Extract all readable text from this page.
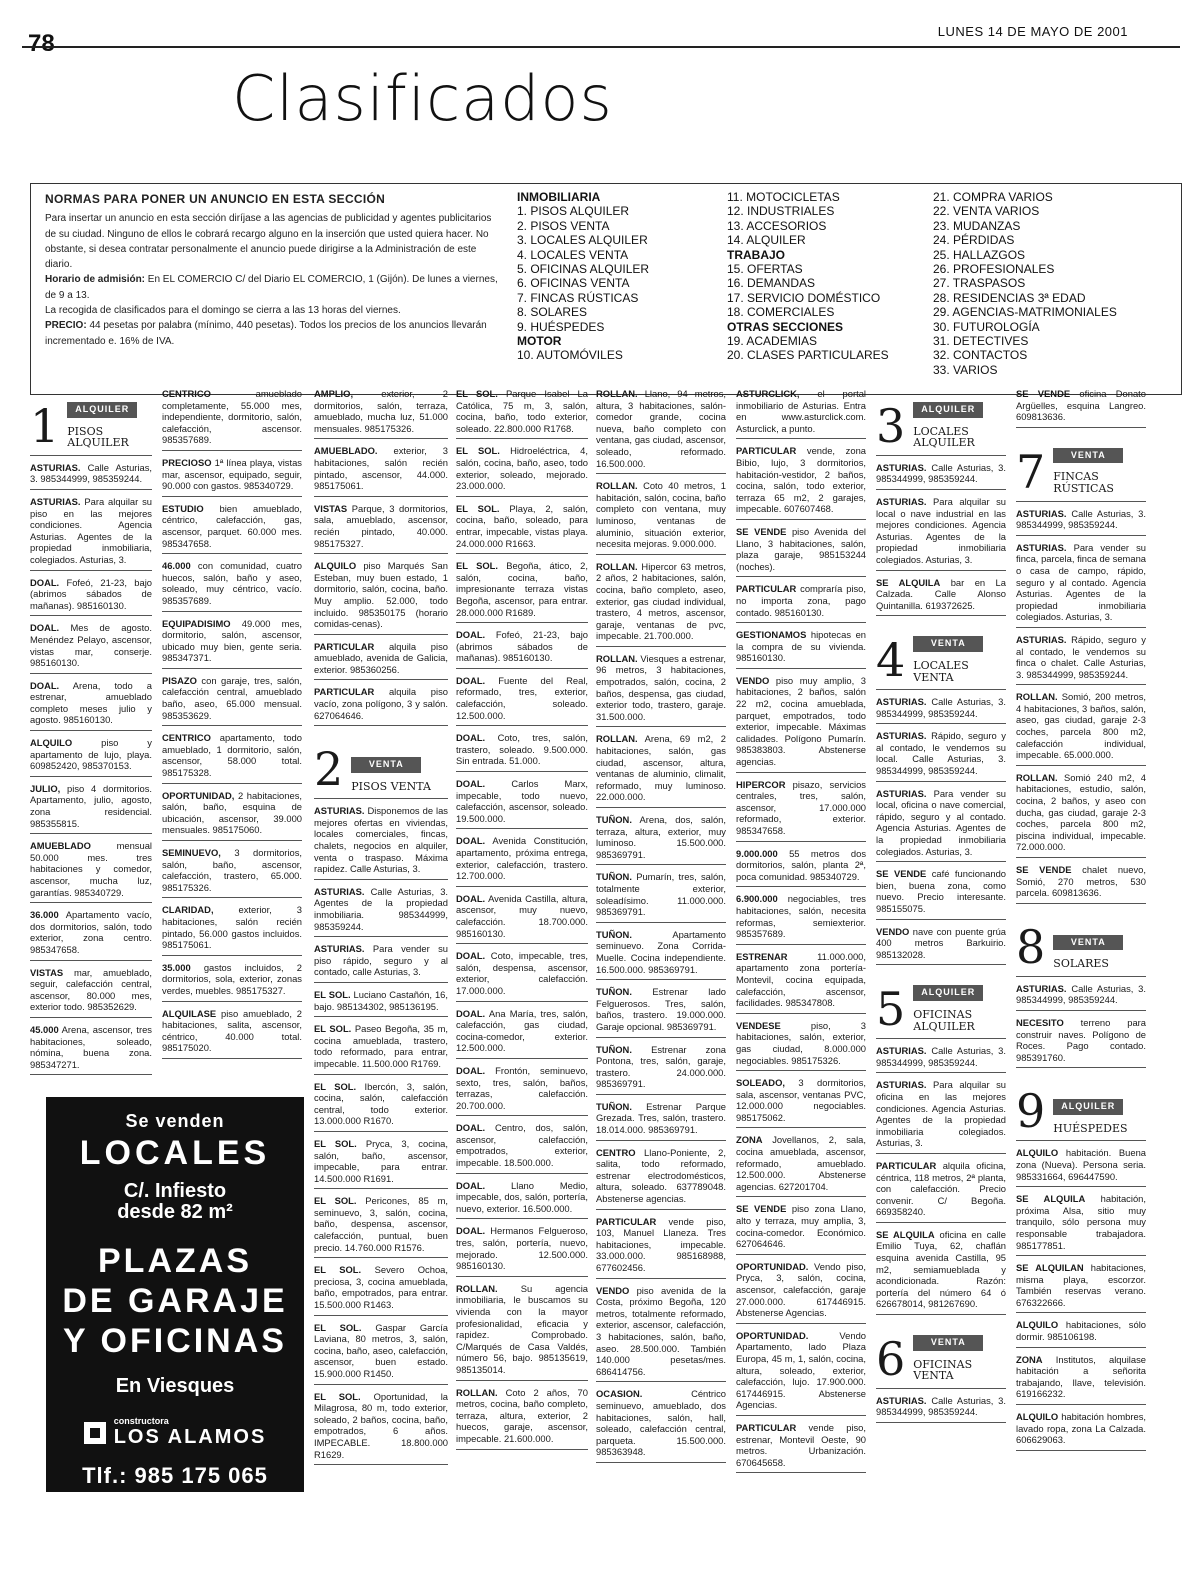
78	LUNES 14 DE MAYO DE 2001
Clasificados
NORMAS PARA PONER UN ANUNCIO EN ESTA SECCIÓN

Para insertar un anuncio en esta sección diríjase a las agencias de publicidad y agentes publicitarios de su ciudad. Ninguno de ellos le cobrará recargo alguno en la inserción que usted quiera hacer. No obstante, si desea contratar personalmente el anuncio puede dirigirse a la Administración de este diario.

Horario de admisión: En EL COMERCIO C/ del Diario EL COMERCIO, 1 (Gijón). De lunes a viernes, de 9 a 13.

La recogida de clasificados para el domingo se cierra a las 13 horas del viernes.

PRECIO: 44 pesetas por palabra (mínimo, 440 pesetas). Todos los precios de los anuncios llevarán incrementado e. 16% de IVA.

INMOBILIARIA
1. PISOS ALQUILER
2. PISOS VENTA
3. LOCALES ALQUILER
4. LOCALES VENTA
5. OFICINAS ALQUILER
6. OFICINAS VENTA
7. FINCAS RÚSTICAS
8. SOLARES
9. HUÉSPEDES
MOTOR
10. AUTOMÓVILES
11. MOTOCICLETAS
12. INDUSTRIALES
13. ACCESORIOS
14. ALQUILER
TRABAJO
15. OFERTAS
16. DEMANDAS
17. SERVICIO DOMÉSTICO
18. COMERCIALES
OTRAS SECCIONES
19. ACADEMIAS
20. CLASES PARTICULARES
21. COMPRA VARIOS
22. VENTA VARIOS
23. MUDANZAS
24. PÉRDIDAS
25. HALLAZGOS
26. PROFESIONALES
27. TRASPASOS
28. RESIDENCIAS 3ª EDAD
29. AGENCIAS-MATRIMONIALES
30. FUTUROLOGÍA
31. DETECTIVES
32. CONTACTOS
33. VARIOS
1	ALQUILER
PISOS ALQUILER
ASTURIAS. Calle Asturias, 3. 985344999, 985359244.
ASTURIAS. Para alquilar su piso en las mejores condiciones. Agencia Asturias. Agentes de la propiedad inmobiliaria, colegiados. Asturias, 3.
DOAL. Fofeó, 21-23, bajo (abrimos sábados de mañanas). 985160130.
DOAL. Mes de agosto. Menéndez Pelayo, ascensor, vistas mar, conserje. 985160130.
DOAL. Arena, todo a estrenar, amueblado completo meses julio y agosto. 985160130.
ALQUILO	piso y apartamento de lujo, playa. 609852420, 985370153.
JULIO, piso 4 dormitorios. Apartamento, julio, agosto, zona residencial. 985355815.
AMUEBLADO	mensual 50.000 mes. tres habitaciones y comedor, ascensor, mucha luz, garantías. 985340729.
36.000 Apartamento vacío, dos dormitorios, salón, todo exterior, zona centro. 985347658.
VISTAS mar, amueblado, seguir, calefacción central, ascensor, 80.000 mes, exterior todo. 985352629.
45.000 Arena, ascensor, tres habitaciones, soleado, nómina, buena zona. 985347271.
CENTRICO	amueblado completamente, 55.000 mes, independiente, dormitorio, salón, calefacción, ascensor. 985357689.
PRECIOSO 1ª línea playa, vistas mar, ascensor, equipado, seguir, 90.000 con gastos. 985340729.
ESTUDIO bien amueblado, céntrico, calefacción, gas, ascensor, parquet. 60.000 mes. 985347658.
46.000 con comunidad, cuatro huecos, salón, baño y aseo, soleado, muy céntrico, vacío. 985357689.
EQUIPADISIMO 49.000 mes, dormitorio, salón, ascensor, ubicado muy bien, gente seria. 985347371.
PISAZO con garaje, tres, salón, calefacción central, amueblado baño, aseo, 65.000 mensual. 985353629.
CENTRICO apartamento, todo amueblado, 1 dormitorio, salón, ascensor, 58.000 total. 985175328.
OPORTUNIDAD, 2 habitaciones, salón, baño, esquina de ubicación, ascensor, 39.000 mensuales. 985175060.
SEMINUEVO, 3 dormitorios, salón, baño, ascensor, calefacción, trastero, 65.000. 985175326.
CLARIDAD,	exterior, 3 habitaciones, salón recién pintado, 56.000 gastos incluidos. 985175061.
35.000 gastos incluidos, 2 dormitorios, sola, exterior, zonas verdes, muebles. 985175327.
ALQUILASE piso amueblado, 2 habitaciones, salita, ascensor, céntrico, 40.000 total. 985175020.
AMPLIO,	exterior, 2 dormitorios, salón, terraza, amueblado, mucha luz, 51.000 mensuales. 985175326.
AMUEBLADO. exterior, 3 habitaciones, salón recién pintado, ascensor, 44.000. 985175061.
VISTAS Parque, 3 dormitorios, sala, amueblado, ascensor, recién pintado, 40.000. 985175327.
ALQUILO piso Marqués San Esteban, muy buen estado, 1 dormitorio, salón, cocina, baño. Muy amplio. 52.000, todo incluido. 985350175 (horario comidas-cenas).
PARTICULAR alquila piso amueblado, avenida de Galicia, exterior. 985360256.
PARTICULAR alquila piso vacío, zona polígono, 3 y salón. 627064646.
2	VENTA
PISOS VENTA
ASTURIAS. Disponemos de las mejores ofertas en viviendas, locales comerciales, fincas, chalets, negocios en alquiler, venta o traspaso. Máxima rapidez. Calle Asturias, 3.
ASTURIAS. Calle Asturias, 3. Agentes de la propiedad inmobiliaria. 985344999, 985359244.
ASTURIAS. Para vender su piso rápido, seguro y al contado, calle Asturias, 3.
EL SOL. Luciano Castañón, 16, bajo. 985134302, 985136195.
EL SOL. Paseo Begoña, 35 m, cocina amueblada, trastero, todo reformado, para entrar, impecable. 11.500.000 R1769.
EL SOL. Ibercón, 3, salón, cocina, salón, calefacción central, todo exterior. 13.000.000 R1670.
EL SOL. Pryca, 3, cocina, salón, baño, ascensor, impecable, para entrar. 14.500.000 R1691.
EL SOL. Pericones, 85 m, seminuevo, 3, salón, cocina, baño, despensa, ascensor, calefacción, puntual, buen precio. 14.760.000 R1576.
EL SOL. Severo Ochoa, preciosa, 3, cocina amueblada, baño, empotrados, para entrar. 15.500.000 R1463.
EL SOL. Gaspar García Laviana, 80 metros, 3, salón, cocina, baño, aseo, calefacción, ascensor, buen estado. 15.900.000 R1450.
EL SOL. Oportunidad, la Milagrosa, 80 m, todo exterior, soleado, 2 baños, cocina, baño, empotrados, 6 años. IMPECABLE. 18.800.000 R1629.
EL SOL. Parque Isabel La Católica, 75 m, 3, salón, cocina, baño, todo exterior, soleado. 22.800.000 R1768.
EL SOL. Hidroeléctrica, 4, salón, cocina, baño, aseo, todo exterior, soleado, mejorado. 23.000.000.
EL SOL. Playa, 2, salón, cocina, baño, soleado, para entrar, impecable, vistas playa. 24.000.000 R1663.
EL SOL. Begoña, ático, 2, salón, cocina, baño, impresionante terraza vistas Begoña, ascensor, para entrar. 28.000.000 R1689.
DOAL. Fofeó, 21-23, bajo (abrimos sábados de mañanas). 985160130.
DOAL. Fuente del Real, reformado, tres, exterior, calefacción, soleado. 12.500.000.
DOAL. Coto, tres, salón, trastero, soleado. 9.500.000. Sin entrada. 51.000.
DOAL.	Carlos Marx, impecable, todo nuevo, calefacción, ascensor, soleado. 19.500.000.
DOAL. Avenida Constitución, apartamento, próxima entrega, exterior, calefacción, trastero. 12.700.000.
DOAL. Avenida Castilla, altura, ascensor, muy nuevo, calefacción. 18.700.000. 985160130.
DOAL. Coto, impecable, tres, salón, despensa, ascensor, exterior, calefacción. 17.000.000.
DOAL. Ana María, tres, salón, calefacción, gas ciudad, cocina-comedor, exterior. 12.500.000.
DOAL. Frontón, seminuevo, sexto, tres, salón, baños, terrazas, calefacción. 20.700.000.
DOAL. Centro, dos, salón, ascensor, calefacción, empotrados, exterior, impecable. 18.500.000.
DOAL.	Llano Medio, impecable, dos, salón, portería, nuevo, exterior. 16.500.000.
DOAL. Hermanos Felgueroso, tres, salón, portería, nuevo, mejorado. 12.500.000. 985160130.
ROLLAN. Su agencia inmobiliaria, le buscamos su vivienda con la mayor profesionalidad, eficacia y rapidez. Comprobado. C/Marqués de Casa Valdés, número 56, bajo. 985135619, 985135014.
ROLLAN. Coto 2 años, 70 metros, cocina, baño completo, terraza, altura, exterior, 2 huecos, garaje, ascensor, impecable. 21.600.000.
ROLLAN. Llano, 94 metros, altura, 3 habitaciones, salón-comedor grande, cocina nueva, baño completo con ventana, gas ciudad, ascensor, soleado, reformado. 16.500.000.
ROLLAN. Coto 40 metros, 1 habitación, salón, cocina, baño completo con ventana, muy luminoso, ventanas de aluminio, situación exterior, necesita mejoras. 9.000.000.
ROLLAN. Hipercor 63 metros, 2 años, 2 habitaciones, salón, cocina, baño completo, aseo, exterior, gas ciudad individual, trastero, 4 metros, ascensor, garaje, ventanas de pvc, impecable. 21.700.000.
ROLLAN. Viesques a estrenar, 96 metros, 3 habitaciones, empotrados, salón, cocina, 2 baños, despensa, gas ciudad, exterior todo, trastero, garaje. 31.500.000.
ROLLAN. Arena, 69 m2, 2 habitaciones, salón, gas ciudad, ascensor, altura, ventanas de aluminio, climalit, reformado, muy luminoso. 22.000.000.
TUÑON. Arena, dos, salón, terraza, altura, exterior, muy luminoso. 15.500.000. 985369791.
TUÑON. Pumarín, tres, salón, totalmente exterior, soleadísimo. 11.000.000. 985369791.
TUÑON.	Apartamento seminuevo. Zona Corrida-Muelle. Cocina independiente. 16.500.000. 985369791.
TUÑON. Estrenar lado Felguerosos. Tres, salón, baños, trastero. 19.000.000. Garaje opcional. 985369791.
TUÑON. Estrenar zona Pontona, tres, salón, garaje, trastero. 24.000.000. 985369791.
TUÑON. Estrenar Parque Grezada. Tres, salón, trastero. 18.014.000. 985369791.
CENTRO Llano-Poniente, 2, salita, todo reformado, estrenar electrodomésticos, altura, soleado. 637789048. Abstenerse agencias.
PARTICULAR vende piso, 103, Manuel Llaneza. Tres habitaciones, impecable. 33.000.000. 985168988, 677602456.
VENDO piso avenida de la Costa, próximo Begoña, 120 metros, totalmente reformado, exterior, ascensor, calefacción, 3 habitaciones, salón, baño, aseo. 28.500.000. También 140.000 pesetas/mes. 686414756.
OCASION.	Céntrico seminuevo, amueblado, dos habitaciones, salón, hall, soleado, calefacción central, parqueta. 15.500.000. 985363948.
ASTURCLICK, el portal inmobiliario de Asturias. Entra en www.asturclick.com. Asturclick, a punto.
PARTICULAR vende, zona Bibio, lujo, 3 dormitorios, habitación-vestidor, 2 baños, cocina, salón, todo exterior, terraza 65 m2, 2 garajes, impecable. 607607468.
SE VENDE piso Avenida del Llano, 3 habitaciones, salón, plaza garaje, 985153244 (noches).
PARTICULAR compraría piso, no importa zona, pago contado. 985160130.
GESTIONAMOS hipotecas en la compra de su vivienda. 985160130.
VENDO piso muy amplio, 3 habitaciones, 2 baños, salón 22 m2, cocina amueblada, parquet, empotrados, todo exterior, impecable. Máximas calidades. Polígono Pumarín. 985383803. Abstenerse agencias.
HIPERCOR pisazo, servicios centrales, tres, salón, ascensor, 17.000.000 reformado, exterior. 985347658.
9.000.000 55 metros dos dormitorios, salón, planta 2ª, poca comunidad. 985340729.
6.900.000 negociables, tres habitaciones, salón, necesita reformas, semiexterior. 985357689.
ESTRENAR	11.000.000, apartamento zona portería-Montevil, cocina equipada, calefacción, ascensor, facilidades. 985347808.
VENDESE	piso, 3 habitaciones, salón, exterior, gas ciudad, 8.000.000 negociables. 985175326.
SOLEADO, 3 dormitorios, sala, ascensor, ventanas PVC, 12.000.000 negociables. 985175062.
ZONA Jovellanos, 2, sala, cocina amueblada, ascensor, reformado, amueblado. 12.500.000. Abstenerse agencias. 627201704.
SE VENDE piso zona Llano, alto y terraza, muy amplia, 3, cocina-comedor. Económico. 627064646.
OPORTUNIDAD. Vendo piso, Pryca, 3, salón, cocina, ascensor, calefacción, garaje 27.000.000. 617446915. Abstenerse Agencias.
OPORTUNIDAD.	Vendo Apartamento, lado Plaza Europa, 45 m, 1, salón, cocina, altura, soleado, exterior, calefacción, lujo. 17.900.000. 617446915. Abstenerse Agencias.
PARTICULAR vende piso, estrenar, Montevil Oeste, 90 metros. Urbanización. 670645658.
3	ALQUILER
LOCALES ALQUILER
ASTURIAS. Calle Asturias, 3. 985344999, 985359244.
ASTURIAS. Para alquilar su local o nave industrial en las mejores condiciones. Agencia Asturias. Agentes de la propiedad inmobiliaria colegiados. Asturias, 3.
SE ALQUILA bar en La Calzada. Calle Alonso Quintanilla. 619372625.
4	VENTA
LOCALES VENTA
ASTURIAS. Calle Asturias, 3. 985344999, 985359244.
ASTURIAS. Rápido, seguro y al contado, le vendemos su local. Calle Asturias, 3. 985344999, 985359244.
ASTURIAS. Para vender su local, oficina o nave comercial, rápido, seguro y al contado. Agencia Asturias. Agentes de la propiedad inmobiliaria colegiados. Asturias, 3.
SE VENDE café funcionando bien, buena zona, como nuevo. Precio interesante. 985155075.
VENDO nave con puente grúa 400 metros Barkuirio. 985132028.
5	ALQUILER
OFICINAS ALQUILER
ASTURIAS. Calle Asturias, 3. 985344999, 985359244.
ASTURIAS. Para alquilar su oficina en las mejores condiciones. Agencia Asturias. Agentes de la propiedad inmobiliaria colegiados. Asturias, 3.
PARTICULAR alquila oficina, céntrica, 118 metros, 2ª planta, con calefacción. Precio convenir. C/ Begoña. 669358240.
SE ALQUILA oficina en calle Emilio Tuya, 62, chaflán esquina avenida Castilla, 95 m2, semiamueblada y acondicionada. Razón: portería del número 64 ó 626678014, 981267690.
6	VENTA
OFICINAS VENTA
ASTURIAS. Calle Asturias, 3. 985344999, 985359244.
SE VENDE oficina Donato Argüelles, esquina Langreo. 609813636.
7	VENTA
FINCAS RÚSTICAS
ASTURIAS. Calle Asturias, 3. 985344999, 985359244.
ASTURIAS. Para vender su finca, parcela, finca de semana o casa de campo, rápido, seguro y al contado. Agencia Asturias. Agentes de la propiedad inmobiliaria colegiados. Asturias, 3.
ASTURIAS. Rápido, seguro y al contado, le vendemos su finca o chalet. Calle Asturias, 3. 985344999, 985359244.
ROLLAN. Somió, 200 metros, 4 habitaciones, 3 baños, salón, aseo, gas ciudad, garaje 2-3 coches, parcela 800 m2, calefacción individual, impecable. 65.000.000.
ROLLAN. Somió 240 m2, 4 habitaciones, estudio, salón, cocina, 2 baños, y aseo con ducha, gas ciudad, garaje 2-3 coches, parcela 800 m2, piscina individual, impecable. 72.000.000.
SE VENDE chalet nuevo, Somió, 270 metros, 530 parcela. 609813636.
8	VENTA
SOLARES
ASTURIAS. Calle Asturias, 3. 985344999, 985359244.
NECESITO terreno para construir naves. Polígono de Roces. Pago contado. 985391760.
9	ALQUILER
HUÉSPEDES
ALQUILO habitación. Buena zona (Nueva). Persona seria. 985331664, 696447590.
SE ALQUILA habitación, próxima Alsa, sitio muy tranquilo, sólo persona muy responsable trabajadora. 985177851.
SE ALQUILAN habitaciones, misma playa, escorzor. También reservas verano. 676322666.
ALQUILO habitaciones, sólo dormir. 985106198.
ZONA Institutos, alquilase habitación a señorita trabajando, llave, televisión. 619166232.
ALQUILO habitación hombres, lavado ropa, zona La Calzada. 606629063.
Se venden
LOCALES
C/. Infiesto
desde 82 m²
PLAZAS
DE GARAJE
Y OFICINAS
En Viesques
constructora
LOS ALAMOS
Tlf.: 985 175 065
